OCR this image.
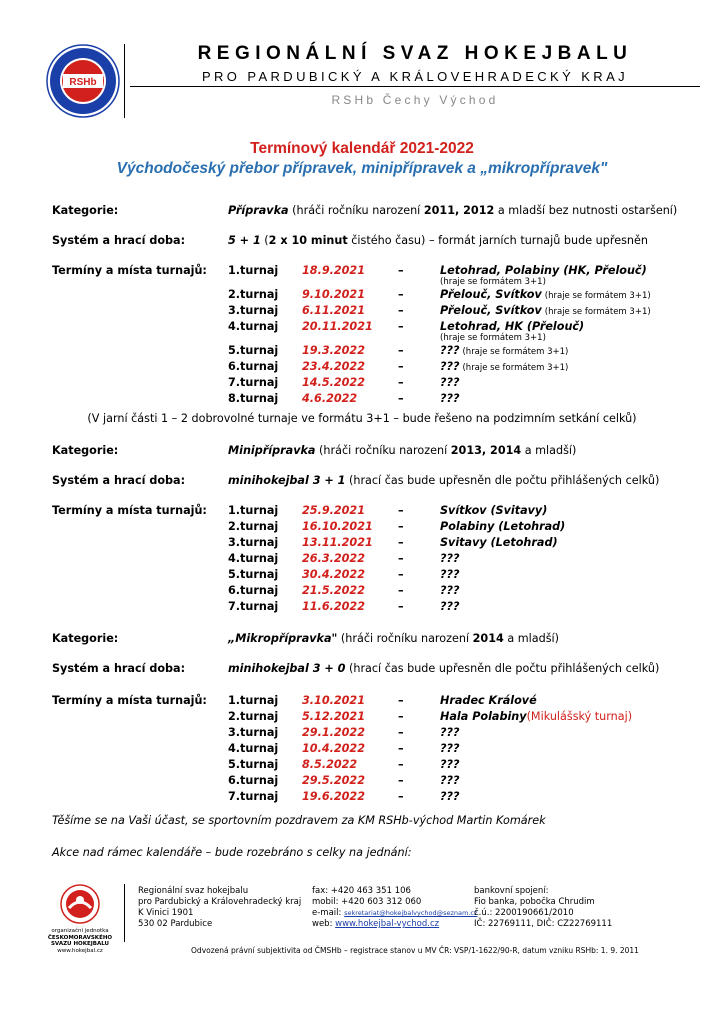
RSHb
REGIONÁLNÍ SVAZ HOKEJBALU
PRO PARDUBICKÝ A KRÁLOVEHRADECKÝ KRAJ
RSHb Čechy Východ
Termínový kalendář 2021-2022
Východočeský přebor přípravek, minipřípravek a „mikropřípravek"
Kategorie:	Přípravka (hráči ročníku narození 2011, 2012 a mladší bez nutnosti ostaršení)
Systém a hrací doba:	5 + 1 (2 x 10 minut čistého času) – formát jarních turnajů bude upřesněn
Termíny a místa turnajů: 1.turnaj 18.9.2021	–	Letohrad, Polabiny (HK, Přelouč)
(hraje se formátem 3+1)
2.turnaj 9.10.2021	–	Přelouč, Svítkov (hraje se formátem 3+1)
3.turnaj 6.11.2021	–	Přelouč, Svítkov (hraje se formátem 3+1)
4.turnaj 20.11.2021 –	Letohrad, HK (Přelouč)
(hraje se formátem 3+1)
5.turnaj 19.3.2022	–	??? (hraje se formátem 3+1)
6.turnaj 23.4.2022	–	??? (hraje se formátem 3+1)
7.turnaj 14.5.2022	–	???
8.turnaj 4.6.2022	–	???
(V jarní části 1 – 2 dobrovolné turnaje ve formátu 3+1 – bude řešeno na podzimním setkání celků)
Kategorie:	Minipřípravka (hráči ročníku narození 2013, 2014 a mladší)
Systém a hrací doba:	minihokejbal 3 + 1 (hrací čas bude upřesněn dle počtu přihlášených celků)
Termíny a místa turnajů: 1.turnaj 25.9.2021	–	Svítkov (Svitavy)
2.turnaj 16.10.2021 –	Polabiny (Letohrad)
3.turnaj 13.11.2021 –	Svitavy (Letohrad)
4.turnaj 26.3.2022	–	???
5.turnaj 30.4.2022	–	???
6.turnaj 21.5.2022	–	???
7.turnaj 11.6.2022	–	???
Kategorie:	„Mikropřípravka" (hráči ročníku narození 2014 a mladší)
Systém a hrací doba:	minihokejbal 3 + 0 (hrací čas bude upřesněn dle počtu přihlášených celků)
Termíny a místa turnajů: 1.turnaj 3.10.2021	–	Hradec Králové
2.turnaj 5.12.2021	–	Hala Polabiny(Mikulášský turnaj)
3.turnaj 29.1.2022	–	???
4.turnaj 10.4.2022	–	???
5.turnaj 8.5.2022	–	???
6.turnaj 29.5.2022	–	???
7.turnaj 19.6.2022	–	???
Těšíme se na Vaši účast, se sportovním pozdravem za KM RSHb-východ Martin Komárek
Akce nad rámec kalendáře – bude rozebráno s celky na jednání:
organizační jednotka
ČESKOMORAVSKÉHO
SVAZU HOKEJBALU
www.hokejbal.cz
Regionální svaz hokejbalu
pro Pardubický a Královehradecký kraj
K Vinici 1901
530 02 Pardubice
fax: +420 463 351 106
mobil: +420 603 312 060
e-mail: sekretariat@hokejbalvychod@seznam.cz
web: www.hokejbal-vychod.cz
bankovní spojení:
Fio banka, pobočka Chrudim
č.ú.: 2200190661/2010
IČ: 22769111, DIČ: CZ22769111
Odvozená právní subjektivita od ČMSHb – registrace stanov u MV ČR: VSP/1-1622/90-R, datum vzniku RSHb: 1. 9. 2011
